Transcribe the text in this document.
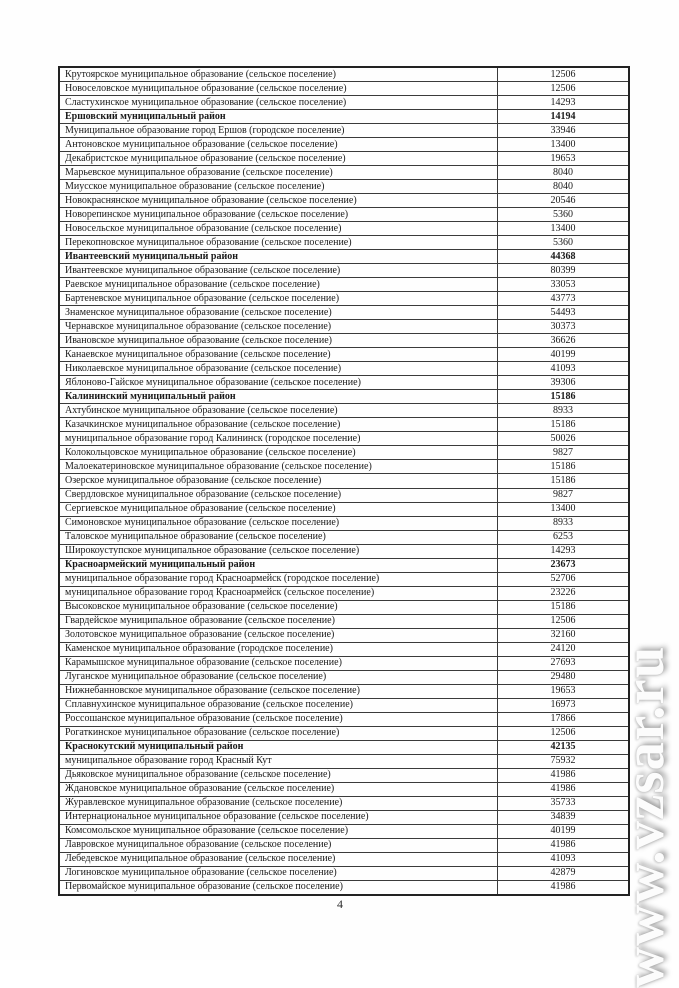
Крутоярское муниципальное образование (сельское поселение)	12506
Новоселовское муниципальное образование (сельское поселение)	12506
Сластухинское муниципальное образование (сельское поселение)	14293
Ершовский муниципальный район	14194
Муниципальное образование город Ершов (городское поселение)	33946
Антоновское муниципальное образование (сельское поселение)	13400
Декабристское муниципальное образование (сельское поселение)	19653
Марьевское муниципальное образование (сельское поселение)	8040
Миусское муниципальное образование (сельское поселение)	8040
Новокраснянское муниципальное образование (сельское поселение)	20546
Новорепинское муниципальное образование (сельское поселение)	5360
Новосельское муниципальное образование (сельское поселение)	13400
Перекопновское муниципальное образование (сельское поселение)	5360
Ивантеевский муниципальный район	44368
Ивантеевское муниципальное образование (сельское поселение)	80399
Раевское муниципальное образование (сельское поселение)	33053
Бартеневское муниципальное образование (сельское поселение)	43773
Знаменское муниципальное образование (сельское поселение)	54493
Чернавское муниципальное образование (сельское поселение)	30373
Ивановское муниципальное образование (сельское поселение)	36626
Канаевское муниципальное образование (сельское поселение)	40199
Николаевское муниципальное образование (сельское поселение)	41093
Яблоново-Гайское муниципальное образование (сельское поселение)	39306
Калининский муниципальный район	15186
Ахтубинское муниципальное образование (сельское поселение)	8933
Казачкинское муниципальное образование (сельское поселение)	15186
муниципальное образование город Калининск (городское поселение)	50026
Колокольцовское муниципальное образование (сельское поселение)	9827
Малоекатериновское муниципальное образование (сельское поселение)	15186
Озерское муниципальное образование (сельское поселение)	15186
Свердловское муниципальное образование (сельское поселение)	9827
Сергиевское муниципальное образование (сельское поселение)	13400
Симоновское муниципальное образование (сельское поселение)	8933
Таловское муниципальное образование (сельское поселение)	6253
Широкоуступское муниципальное образование (сельское поселение)	14293
Красноармейский муниципальный район	23673
муниципальное образование город Красноармейск (городское поселение)	52706
муниципальное образование город Красноармейск (сельское поселение)	23226
Высоковское муниципальное образование (сельское поселение)	15186
Гвардейское муниципальное образование (сельское поселение)	12506
Золотовское муниципальное образование (сельское поселение)	32160
Каменское муниципальное образование (городское поселение)	24120
Карамышское муниципальное образование (сельское поселение)	27693
Луганское муниципальное образование (сельское поселение)	29480
Нижнебанновское муниципальное образование (сельское поселение)	19653
Сплавнухинское муниципальное образование (сельское поселение)	16973
Россошанское муниципальное образование (сельское поселение)	17866
Рогаткинское муниципальное образование (сельское поселение)	12506
Краснокутский муниципальный район	42135
муниципальное образование город Красный Кут	75932
Дьяковское муниципальное образование (сельское поселение)	41986
Ждановское муниципальное образование (сельское поселение)	41986
Журавлевское муниципальное образование (сельское поселение)	35733
Интернациональное муниципальное образование (сельское поселение)	34839
Комсомольское муниципальное образование (сельское поселение)	40199
Лавровское муниципальное образование (сельское поселение)	41986
Лебедевское муниципальное образование (сельское поселение)	41093
Логиновское муниципальное образование (сельское поселение)	42879
Первомайское муниципальное образование (сельское поселение)	41986
4	www.vzsar.ru
